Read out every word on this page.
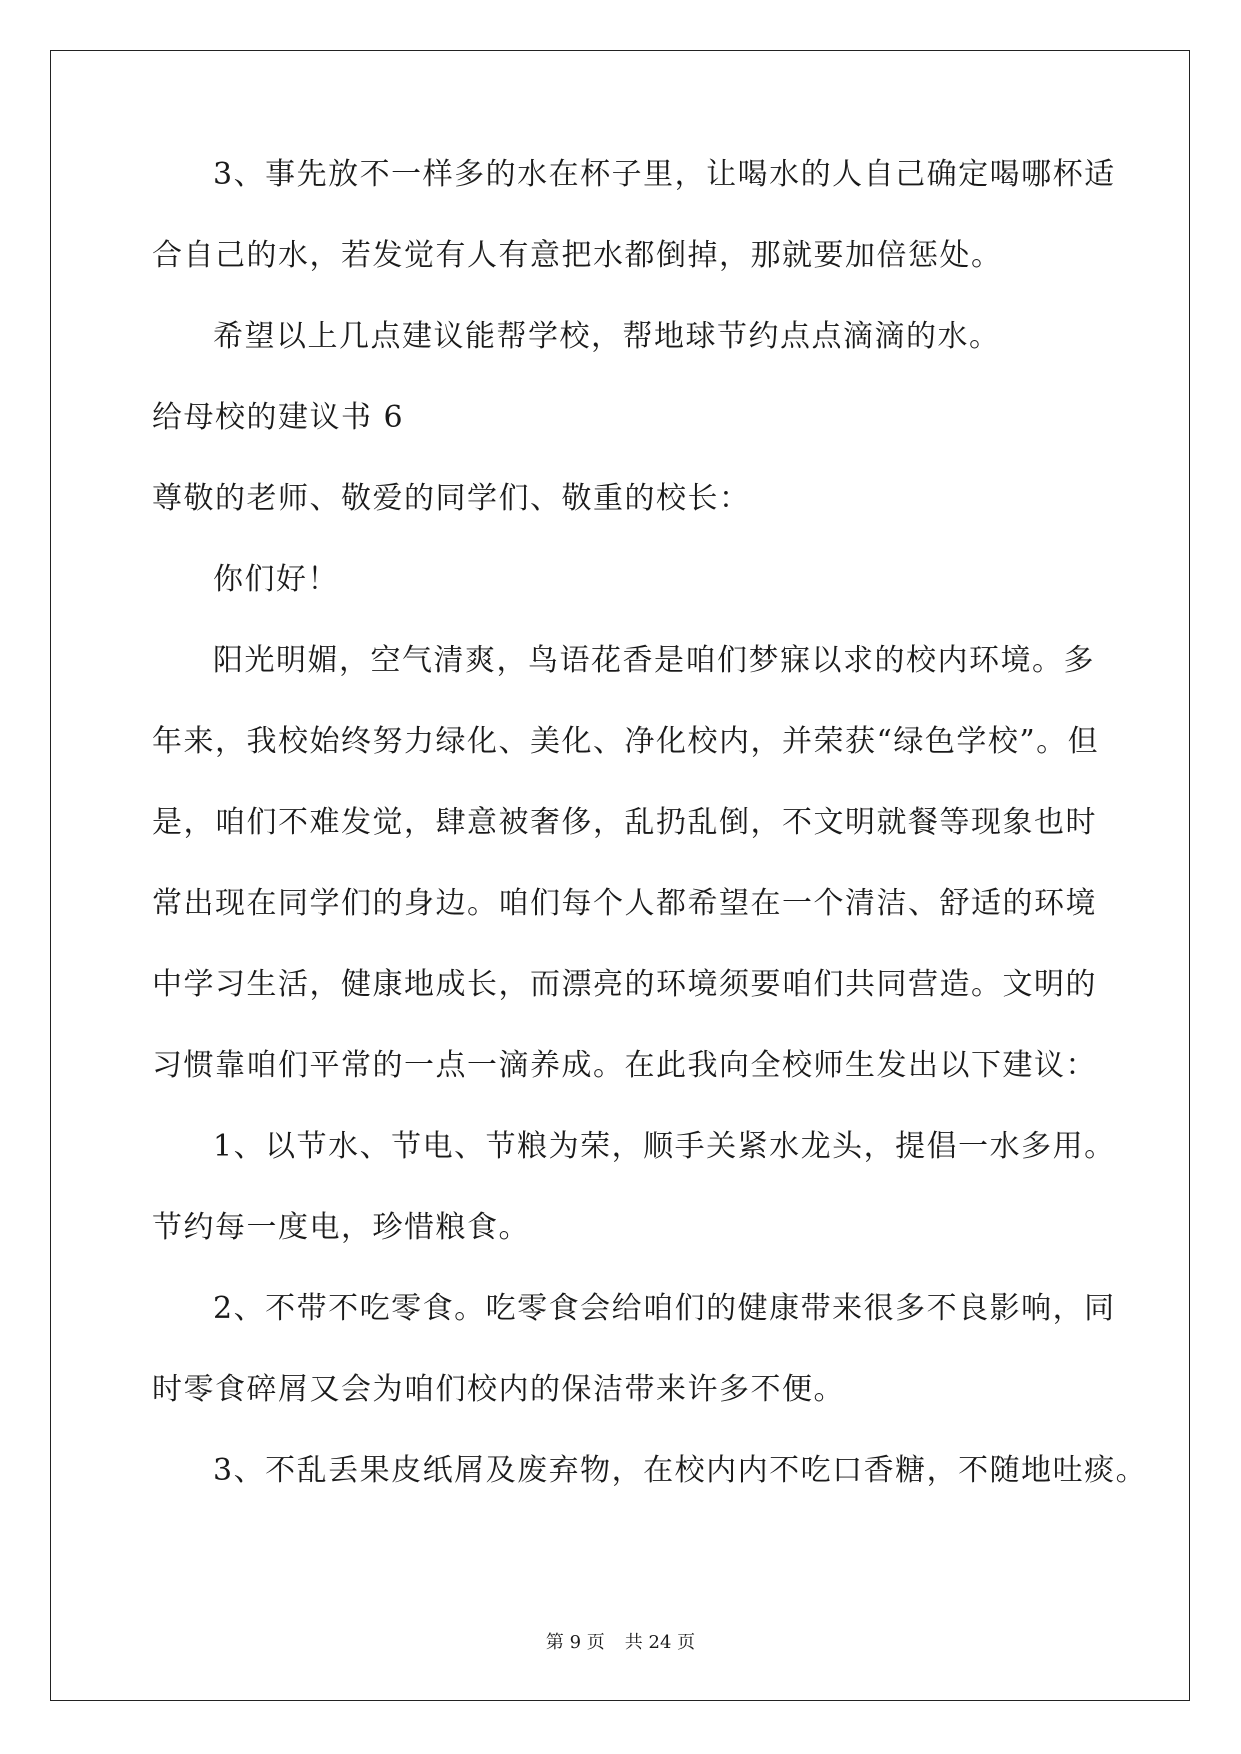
3、事先放不一样多的水在杯子里，让喝水的人自己确定喝哪杯适
合自己的水，若发觉有人有意把水都倒掉，那就要加倍惩处。
希望以上几点建议能帮学校，帮地球节约点点滴滴的水。
给母校的建议书 6
尊敬的老师、敬爱的同学们、敬重的校长：
你们好！
阳光明媚，空气清爽，鸟语花香是咱们梦寐以求的校内环境。多
年来，我校始终努力绿化、美化、净化校内，并荣获“绿色学校”。但
是，咱们不难发觉，肆意被奢侈，乱扔乱倒，不文明就餐等现象也时
常出现在同学们的身边。咱们每个人都希望在一个清洁、舒适的环境
中学习生活，健康地成长，而漂亮的环境须要咱们共同营造。文明的
习惯靠咱们平常的一点一滴养成。在此我向全校师生发出以下建议：
1、以节水、节电、节粮为荣，顺手关紧水龙头，提倡一水多用。
节约每一度电，珍惜粮食。
2、不带不吃零食。吃零食会给咱们的健康带来很多不良影响，同
时零食碎屑又会为咱们校内的保洁带来许多不便。
3、不乱丢果皮纸屑及废弃物，在校内内不吃口香糖，不随地吐痰。
第 9 页 共 24 页
